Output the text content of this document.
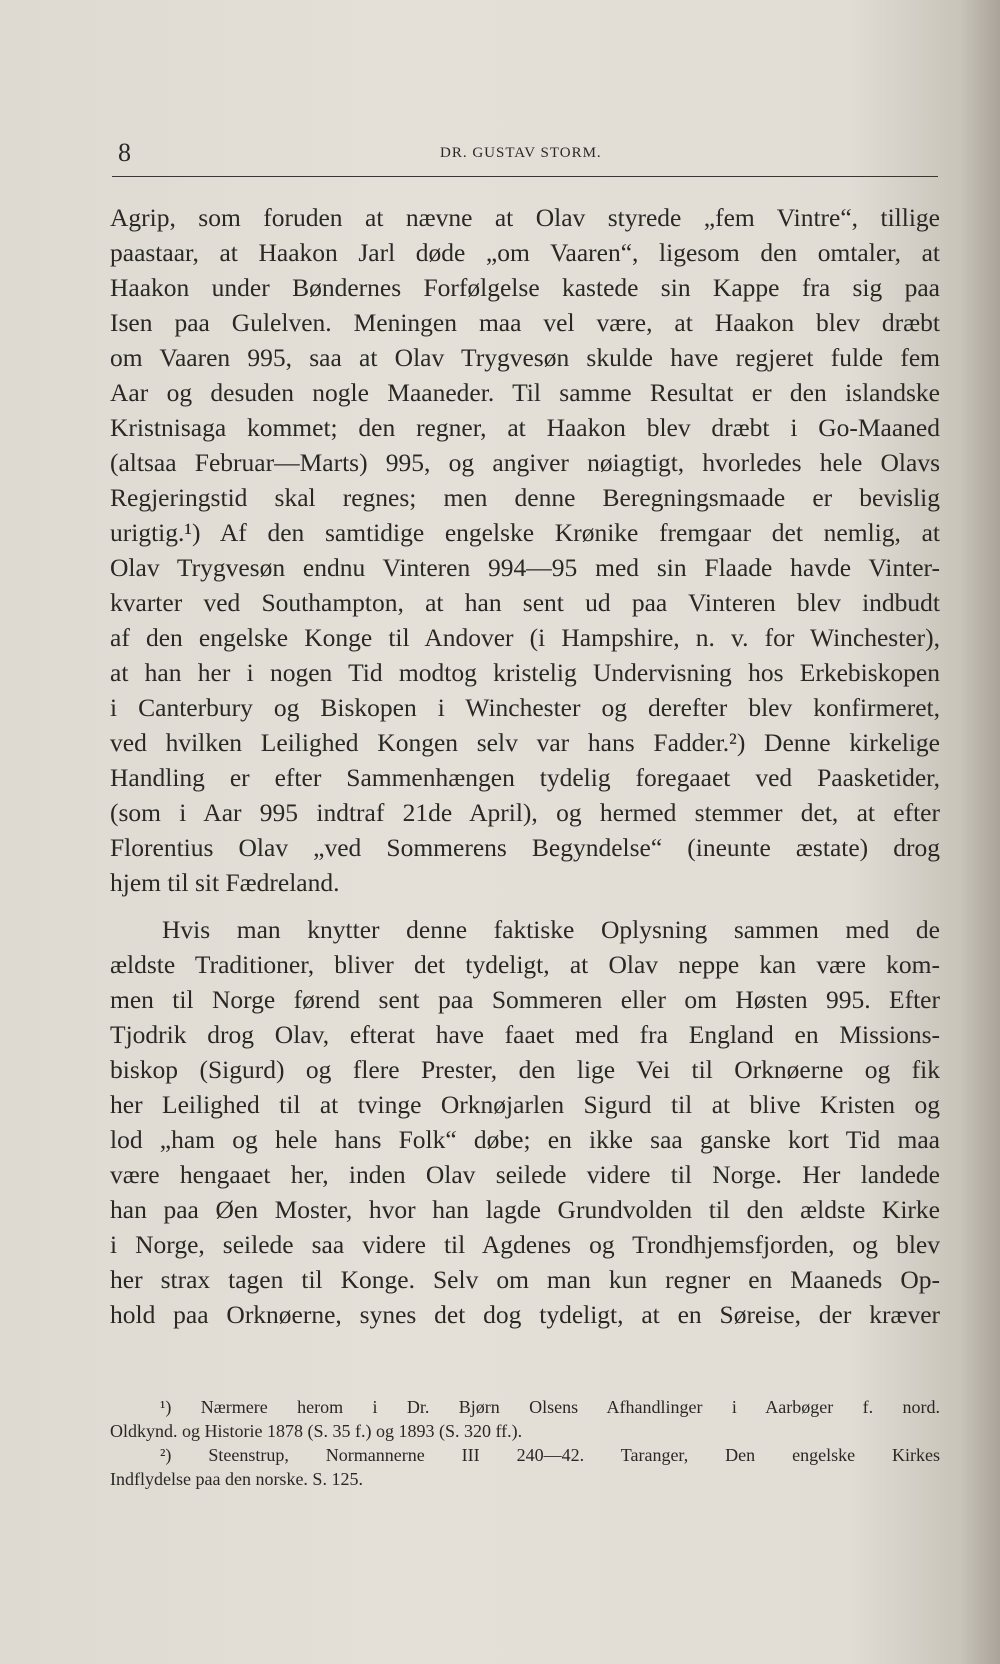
8	DR. GUSTAV STORM.
Agrip, som foruden at nævne at Olav styrede „fem Vintre“, tillige
paastaar, at Haakon Jarl døde „om Vaaren“, ligesom den omtaler, at
Haakon under Bøndernes Forfølgelse kastede sin Kappe fra sig paa
Isen paa Gulelven. Meningen maa vel være, at Haakon blev dræbt
om Vaaren 995, saa at Olav Trygvesøn skulde have regjeret fulde fem
Aar og desuden nogle Maaneder. Til samme Resultat er den islandske
Kristnisaga kommet; den regner, at Haakon blev dræbt i Go-Maaned
(altsaa Februar—Marts) 995, og angiver nøiagtigt, hvorledes hele Olavs
Regjeringstid skal regnes; men denne Beregningsmaade er bevislig
urigtig.¹) Af den samtidige engelske Krønike fremgaar det nemlig, at
Olav Trygvesøn endnu Vinteren 994—95 med sin Flaade havde Vinter-
kvarter ved Southampton, at han sent ud paa Vinteren blev indbudt
af den engelske Konge til Andover (i Hampshire, n. v. for Winchester),
at han her i nogen Tid modtog kristelig Undervisning hos Erkebiskopen
i Canterbury og Biskopen i Winchester og derefter blev konfirmeret,
ved hvilken Leilighed Kongen selv var hans Fadder.²) Denne kirkelige
Handling er efter Sammenhængen tydelig foregaaet ved Paasketider,
(som i Aar 995 indtraf 21de April), og hermed stemmer det, at efter
Florentius Olav „ved Sommerens Begyndelse“ (ineunte æstate) drog
hjem til sit Fædreland.
Hvis man knytter denne faktiske Oplysning sammen med de
ældste Traditioner, bliver det tydeligt, at Olav neppe kan være kom-
men til Norge førend sent paa Sommeren eller om Høsten 995. Efter
Tjodrik drog Olav, efterat have faaet med fra England en Missions-
biskop (Sigurd) og flere Prester, den lige Vei til Orknøerne og fik
her Leilighed til at tvinge Orknøjarlen Sigurd til at blive Kristen og
lod „ham og hele hans Folk“ døbe; en ikke saa ganske kort Tid maa
være hengaaet her, inden Olav seilede videre til Norge. Her landede
han paa Øen Moster, hvor han lagde Grundvolden til den ældste Kirke
i Norge, seilede saa videre til Agdenes og Trondhjemsfjorden, og blev
her strax tagen til Konge. Selv om man kun regner en Maaneds Op-
hold paa Orknøerne, synes det dog tydeligt, at en Søreise, der kræver
¹) Nærmere herom i Dr. Bjørn Olsens Afhandlinger i Aarbøger f. nord.
Oldkynd. og Historie 1878 (S. 35 f.) og 1893 (S. 320 ff.).
²) Steenstrup, Normannerne III 240—42. Taranger, Den engelske Kirkes
Indflydelse paa den norske. S. 125.
